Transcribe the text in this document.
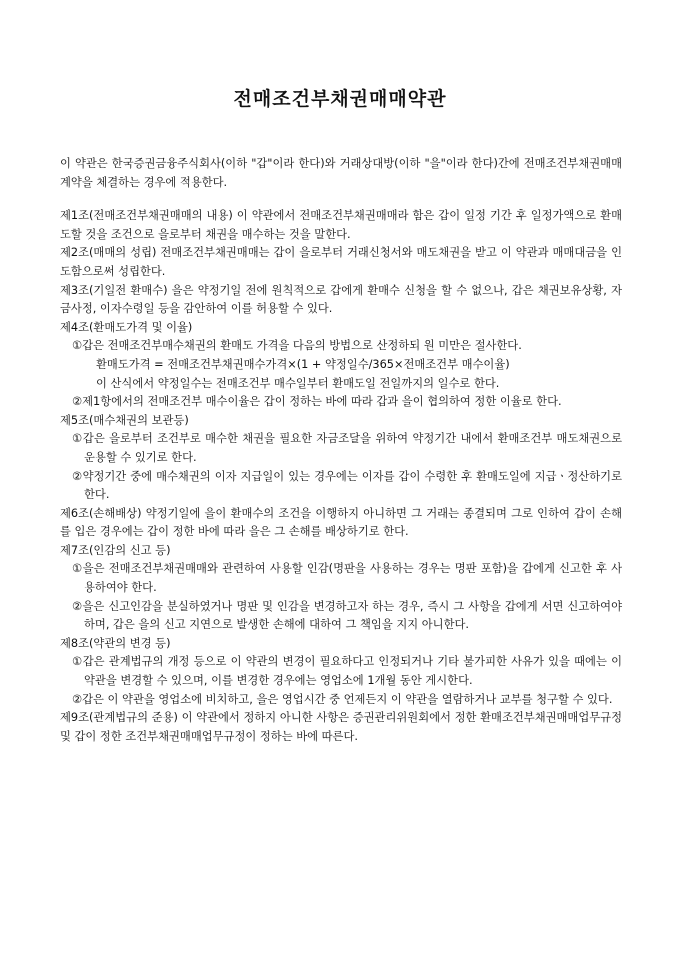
전매조건부채권매매약관

이 약관은 한국증권금융주식회사(이하 "갑"이라 한다)와 거래상대방(이하 "을"이라 한다)간에 전매조건부채권매매 계약을 체결하는 경우에 적용한다.

제1조(전매조건부채권매매의 내용) 이 약관에서 전매조건부채권매매라 함은 갑이 일정 기간 후 일정가액으로 환매도할 것을 조건으로 을로부터 채권을 매수하는 것을 말한다.

제2조(매매의 성립) 전매조건부채권매매는 갑이 을로부터 거래신청서와 매도채권을 받고 이 약관과 매매대금을 인도함으로써 성립한다.

제3조(기일전 환매수) 을은 약정기일 전에 원칙적으로 갑에게 환매수 신청을 할 수 없으나, 갑은 채권보유상황, 자금사정, 이자수령일 등을 감안하여 이를 허용할 수 있다.

제4조(환매도가격 및 이율)

①갑은 전매조건부매수채권의 환매도 가격을 다음의 방법으로 산정하되 원 미만은 절사한다.
환매도가격 = 전매조건부채권매수가격×(1 + 약정일수/365×전매조건부 매수이율)
이 산식에서 약정일수는 전매조건부 매수일부터 환매도일 전일까지의 일수로 한다.
②제1항에서의 전매조건부 매수이율은 갑이 정하는 바에 따라 갑과 을이 협의하여 정한 이율로 한다.

제5조(매수채권의 보관등)

①갑은 을로부터 조건부로 매수한 채권을 필요한 자금조달을 위하여 약정기간 내에서 환매조건부 매도채권으로 운용할 수 있기로 한다.
②약정기간 중에 매수채권의 이자 지급일이 있는 경우에는 이자를 갑이 수령한 후 환매도일에 지급ㆍ정산하기로 한다.

제6조(손해배상) 약정기일에 을이 환매수의 조건을 이행하지 아니하면 그 거래는 종결되며 그로 인하여 갑이 손해를 입은 경우에는 갑이 정한 바에 따라 을은 그 손해를 배상하기로 한다.

제7조(인감의 신고 등)

①을은 전매조건부채권매매와 관련하여 사용할 인감(명판을 사용하는 경우는 명판 포함)을 갑에게 신고한 후 사용하여야 한다.
②을은 신고인감을 분실하였거나 명판 및 인감을 변경하고자 하는 경우, 즉시 그 사항을 갑에게 서면 신고하여야 하며, 갑은 을의 신고 지연으로 발생한 손해에 대하여 그 책임을 지지 아니한다.

제8조(약관의 변경 등)

①갑은 관계법규의 개정 등으로 이 약관의 변경이 필요하다고 인정되거나 기타 불가피한 사유가 있을 때에는 이 약관을 변경할 수 있으며, 이를 변경한 경우에는 영업소에 1개월 동안 게시한다.
②갑은 이 약관을 영업소에 비치하고, 을은 영업시간 중 언제든지 이 약관을 열람하거나 교부를 청구할 수 있다.

제9조(관계법규의 준용) 이 약관에서 정하지 아니한 사항은 증권관리위원회에서 정한 환매조건부채권매매업무규정 및 갑이 정한 조건부채권매매업무규정이 정하는 바에 따른다.
